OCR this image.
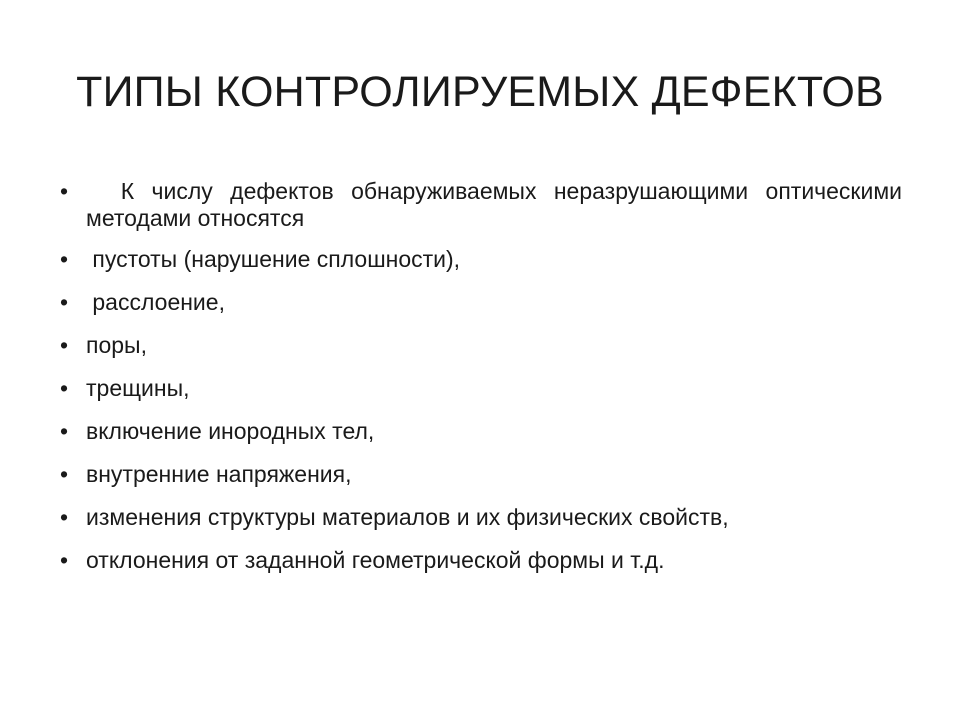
ТИПЫ КОНТРОЛИРУЕМЫХ ДЕФЕКТОВ
• К числу дефектов обнаруживаемых неразрушающими оптическими методами относятся
• пустоты (нарушение сплошности),
• расслоение,
• поры,
• трещины,
• включение инородных тел,
• внутренние напряжения,
• изменения структуры материалов и их физических свойств,
• отклонения от заданной геометрической формы и т.д.
